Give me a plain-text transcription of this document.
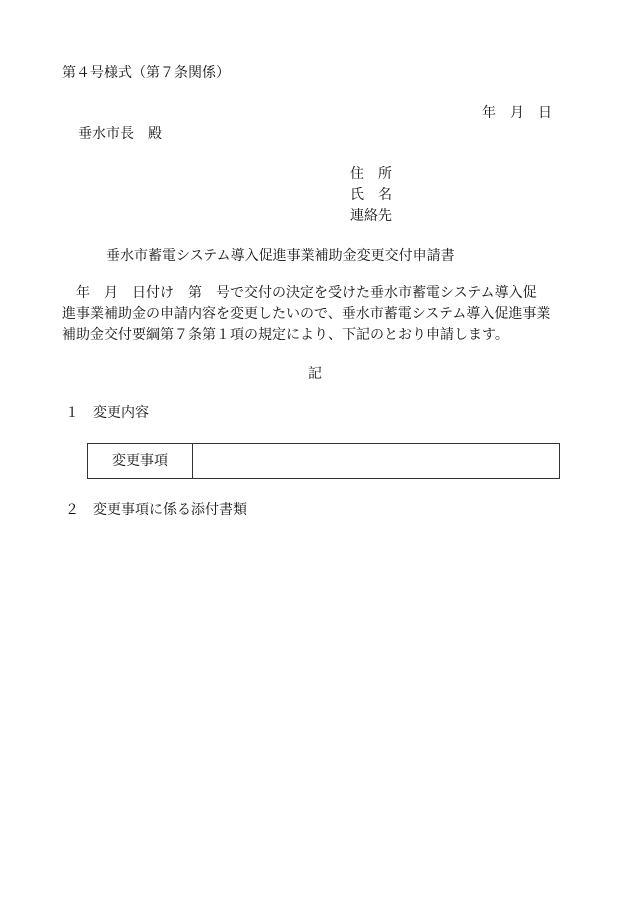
第４号様式（第７条関係）
年　月　日
垂水市長　殿
住　所
氏　名
連絡先
垂水市蓄電システム導入促進事業補助金変更交付申請書
　年　月　日付け　第　号で交付の決定を受けた垂水市蓄電システム導入促
進事業補助金の申請内容を変更したいので、垂水市蓄電システム導入促進事業
補助金交付要綱第７条第１項の規定により、下記のとおり申請します。
記
１　変更内容
変更事項	
２　変更事項に係る添付書類
